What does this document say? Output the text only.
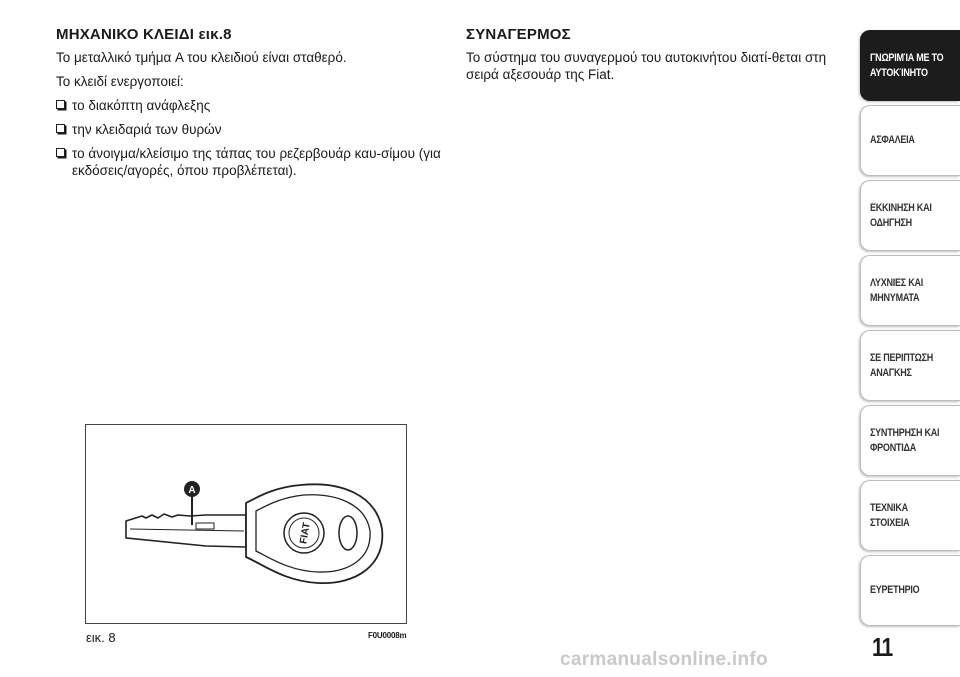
ΜΗΧΑΝΙΚΟ ΚΛΕΙΔΙ εικ.8

Το μεταλλικό τμήμα A του κλειδιού είναι σταθερό.

Το κλειδί ενεργοποιεί:

το διακόπτη ανάφλεξης
την κλειδαριά των θυρών
το άνοιγμα/κλείσιμο της τάπας του ρεζερβουάρ καυ-σίμου (για εκδόσεις/αγορές, όπου προβλέπεται).
ΣΥΝΑΓΕΡΜΟΣ

Το σύστημα του συναγερμού του αυτοκινήτου διατί-θεται στη σειρά αξεσουάρ της Fiat.

FIAT
A
εικ. 8	F0U0008m
ΓΝΩΡΙΜΊΑ ΜΕ ΤΟ
ΑΥΤΟΚΊΝΗΤΟ
ΑΣΦΑΛΕΙΑ
ΕΚΚΙΝΗΣΗ ΚΑΙ
ΟΔΗΓΗΣΗ
ΛΥΧΝΙΕΣ ΚΑΙ
ΜΗΝΥΜΑΤΑ
ΣΕ ΠΕΡΙΠΤΩΣΗ
ΑΝΑΓΚΗΣ
ΣΥΝΤΗΡΗΣΗ ΚΑΙ
ΦΡΟΝΤΙΔΑ
ΤΕΧΝΙΚΑ ΣΤΟΙΧΕΙΑ
ΕΥΡΕΤΗΡΙΟ
11
carmanualsonline.info
